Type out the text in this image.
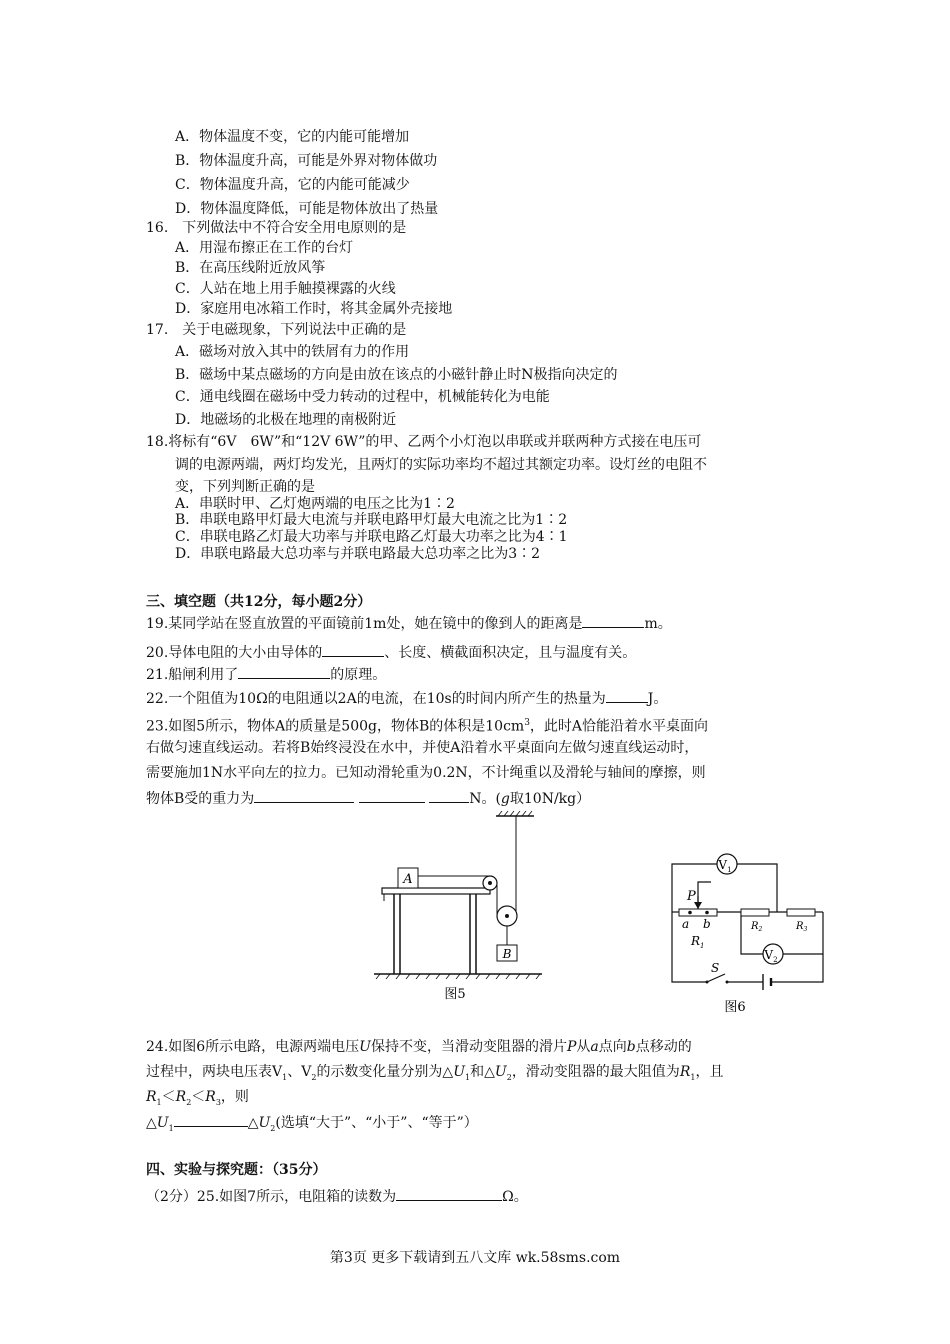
A．物体温度不变，它的内能可能增加
B．物体温度升高，可能是外界对物体做功
C．物体温度升高，它的内能可能减少
D．物体温度降低，可能是物体放出了热量
16.　下列做法中不符合安全用电原则的是
A．用湿布擦正在工作的台灯
B．在高压线附近放风筝
C．人站在地上用手触摸裸露的火线
D．家庭用电冰箱工作时，将其金属外壳接地
17.　关于电磁现象，下列说法中正确的是
A．磁场对放入其中的铁屑有力的作用
B．磁场中某点磁场的方向是由放在该点的小磁针静止时N极指向决定的
C．通电线圈在磁场中受力转动的过程中，机械能转化为电能
D．地磁场的北极在地理的南极附近
18.将标有“6V　6W”和“12V 6W”的甲、乙两个小灯泡以串联或并联两种方式接在电压可
调的电源两端，两灯均发光，且两灯的实际功率均不超过其额定功率。设灯丝的电阻不
变，下列判断正确的是
A．串联时甲、乙灯炮两端的电压之比为1∶2
B．串联电路甲灯最大电流与并联电路甲灯最大电流之比为1∶2
C．串联电路乙灯最大功率与并联电路乙灯最大功率之比为4∶1
D．串联电路最大总功率与并联电路最大总功率之比为3∶2
三、填空题（共12分，每小题2分）
19.某同学站在竖直放置的平面镜前1m处，她在镜中的像到人的距离是	m。
20.导体电阻的大小由导体的	、长度、横截面积决定，且与温度有关。
21.船闸利用了	的原理。
22.一个阻值为10Ω的电阻通以2A的电流，在10s的时间内所产生的热量为	J。
23.如图5所示，物体A的质量是500g，物体B的体积是$10cm^3$，此时A恰能沿着水平桌面向
右做匀速直线运动。若将B始终浸没在水中，并使A沿着水平桌面向左做匀速直线运动时，
需要施加1N水平向左的拉力。已知动滑轮重为0.2N，不计绳重以及滑轮与轴间的摩擦，则
物体B受的重力为	N。(g取10N/kg）
A
B
图5
$V_1$
$V_2$
P
a b
$R_1$
$R_2$	$R_3$
S
图6
24.如图6所示电路，电源两端电压U保持不变，当滑动变阻器的滑片P从a点向b点移动的
过程中，两块电压表$V_1$、$V_2$的示数变化量分别为$\triangle U_1$和$\triangle U_2$，滑动变阻器的最大阻值为$R_1$，且
$R_1<R_2<R_3$，则
$\triangle U_1$	$\triangle U_2$(选填“大于”、“小于”、“等于”）
四、实验与探究题：（35分）
（2分）25.如图7所示，电阻箱的读数为	Ω。
第3页 更多下载请到五八文库 wk.58sms.com
